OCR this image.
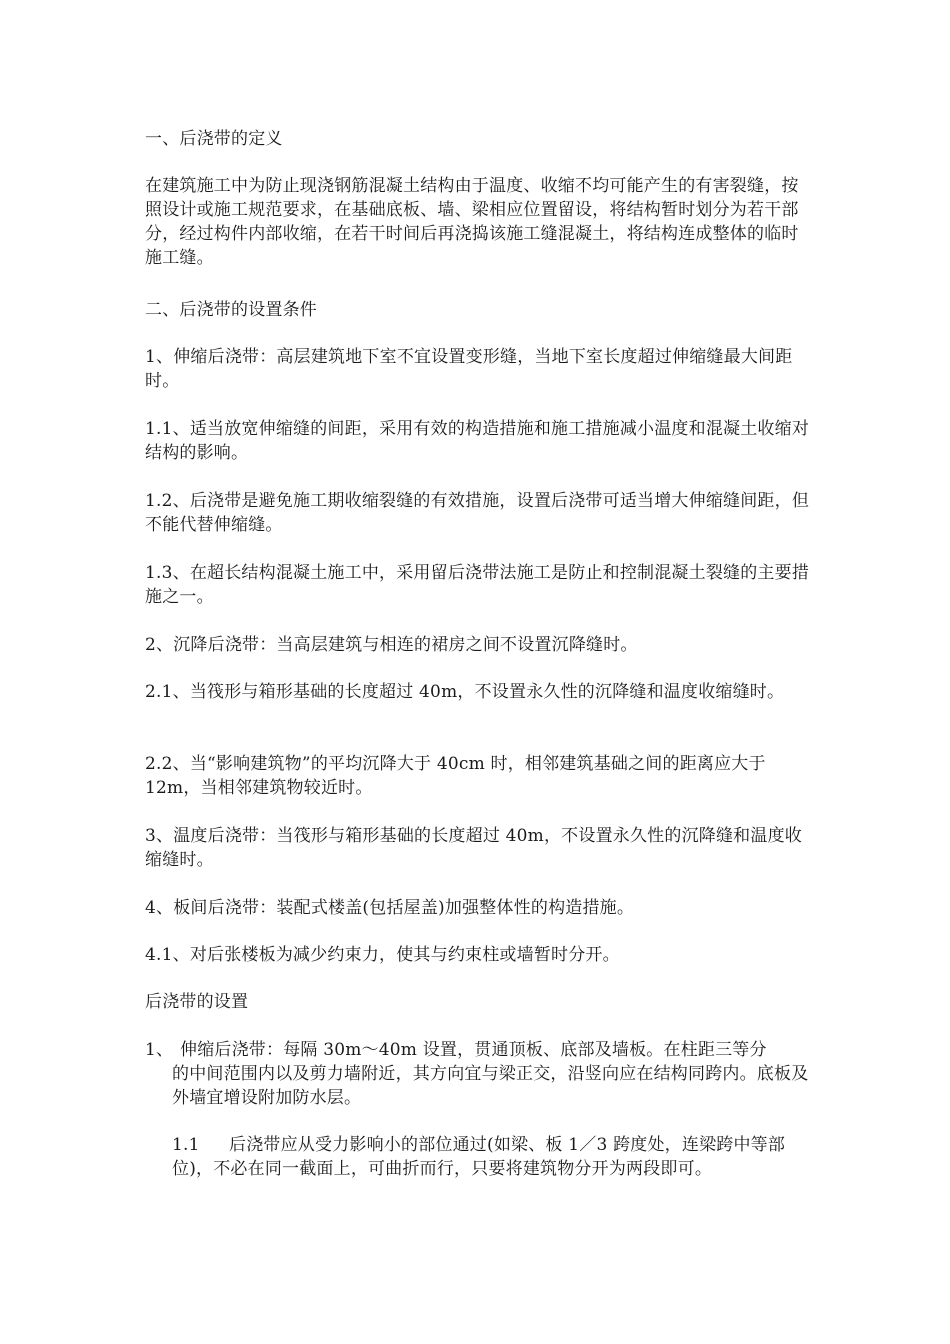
一、后浇带的定义
在建筑施工中为防止现浇钢筋混凝土结构由于温度、收缩不均可能产生的有害裂缝，按照设计或施工规范要求，在基础底板、墙、梁相应位置留设，将结构暂时划分为若干部分，经过构件内部收缩，在若干时间后再浇捣该施工缝混凝土，将结构连成整体的临时施工缝。
二、后浇带的设置条件
1、伸缩后浇带：高层建筑地下室不宜设置变形缝，当地下室长度超过伸缩缝最大间距时。
1.1、适当放宽伸缩缝的间距，采用有效的构造措施和施工措施减小温度和混凝土收缩对结构的影响。
1.2、后浇带是避免施工期收缩裂缝的有效措施，设置后浇带可适当增大伸缩缝间距，但不能代替伸缩缝。
1.3、在超长结构混凝土施工中，采用留后浇带法施工是防止和控制混凝土裂缝的主要措施之一。
2、沉降后浇带：当高层建筑与相连的裙房之间不设置沉降缝时。
2.1、当筏形与箱形基础的长度超过 40m，不设置永久性的沉降缝和温度收缩缝时。
2.2、当“影响建筑物”的平均沉降大于 40cm 时，相邻建筑基础之间的距离应大于 12m，当相邻建筑物较近时。
3、温度后浇带：当筏形与箱形基础的长度超过 40m，不设置永久性的沉降缝和温度收缩缝时。
4、板间后浇带：装配式楼盖(包括屋盖)加强整体性的构造措施。
4.1、对后张楼板为减少约束力，使其与约束柱或墙暂时分开。
后浇带的设置
1、 伸缩后浇带：每隔 30m～40m 设置，贯通顶板、底部及墙板。在柱距三等分
的中间范围内以及剪力墙附近，其方向宜与梁正交，沿竖向应在结构同跨内。底板及外墙宜增设附加防水层。
1.1 后浇带应从受力影响小的部位通过(如梁、板 1／3 跨度处，连梁跨中等部位)，不必在同一截面上，可曲折而行，只要将建筑物分开为两段即可。
